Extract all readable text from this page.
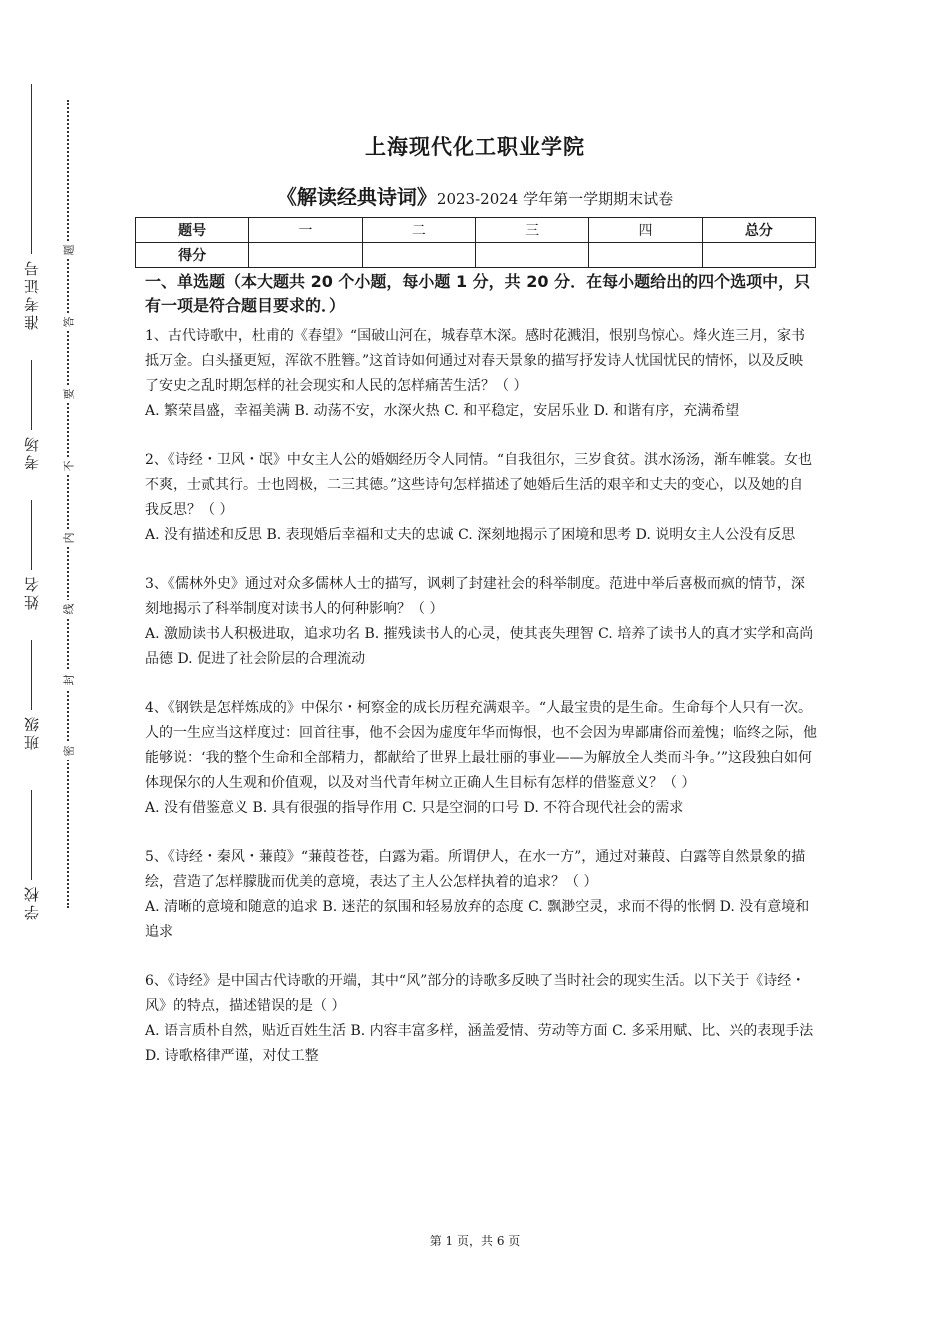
准考证号
考场
姓名
班级
学校
题
答
要
不
内
线
封
密
上海现代化工职业学院
《解读经典诗词》2023-2024 学年第一学期期末试卷
题号	一	二	三	四	总分
得分					
一、单选题（本大题共 20 个小题，每小题 1 分，共 20 分．在每小题给出的四个选项中，只有一项是符合题目要求的．）
1、古代诗歌中，杜甫的《春望》“国破山河在，城春草木深。感时花溅泪，恨别鸟惊心。烽火连三月，家书抵万金。白头搔更短，浑欲不胜簪。”这首诗如何通过对春天景象的描写抒发诗人忧国忧民的情怀，以及反映了安史之乱时期怎样的社会现实和人民的怎样痛苦生活？（ ）
A. 繁荣昌盛，幸福美满 B. 动荡不安，水深火热 C. 和平稳定，安居乐业 D. 和谐有序，充满希望
2、《诗经・卫风・氓》中女主人公的婚姻经历令人同情。“自我徂尔，三岁食贫。淇水汤汤，渐车帷裳。女也不爽，士贰其行。士也罔极，二三其德。”这些诗句怎样描述了她婚后生活的艰辛和丈夫的变心，以及她的自我反思？（ ）
A. 没有描述和反思 B. 表现婚后幸福和丈夫的忠诚 C. 深刻地揭示了困境和思考 D. 说明女主人公没有反思
3、《儒林外史》通过对众多儒林人士的描写，讽刺了封建社会的科举制度。范进中举后喜极而疯的情节，深刻地揭示了科举制度对读书人的何种影响？（ ）
A. 激励读书人积极进取，追求功名 B. 摧残读书人的心灵，使其丧失理智 C. 培养了读书人的真才实学和高尚品德 D. 促进了社会阶层的合理流动
4、《钢铁是怎样炼成的》中保尔・柯察金的成长历程充满艰辛。“人最宝贵的是生命。生命每个人只有一次。人的一生应当这样度过：回首往事，他不会因为虚度年华而悔恨，也不会因为卑鄙庸俗而羞愧；临终之际，他能够说：‘我的整个生命和全部精力，都献给了世界上最壮丽的事业——为解放全人类而斗争。’”这段独白如何体现保尔的人生观和价值观，以及对当代青年树立正确人生目标有怎样的借鉴意义？（ ）
A. 没有借鉴意义 B. 具有很强的指导作用 C. 只是空洞的口号 D. 不符合现代社会的需求
5、《诗经・秦风・蒹葭》“蒹葭苍苍，白露为霜。所谓伊人，在水一方”，通过对蒹葭、白露等自然景象的描绘，营造了怎样朦胧而优美的意境，表达了主人公怎样执着的追求？（ ）
A. 清晰的意境和随意的追求 B. 迷茫的氛围和轻易放弃的态度 C. 飘渺空灵，求而不得的怅惘 D. 没有意境和追求
6、《诗经》是中国古代诗歌的开端，其中“风”部分的诗歌多反映了当时社会的现实生活。以下关于《诗经・风》的特点，描述错误的是（ ）
A. 语言质朴自然，贴近百姓生活 B. 内容丰富多样，涵盖爱情、劳动等方面 C. 多采用赋、比、兴的表现手法 D. 诗歌格律严谨，对仗工整
第 1 页，共 6 页
